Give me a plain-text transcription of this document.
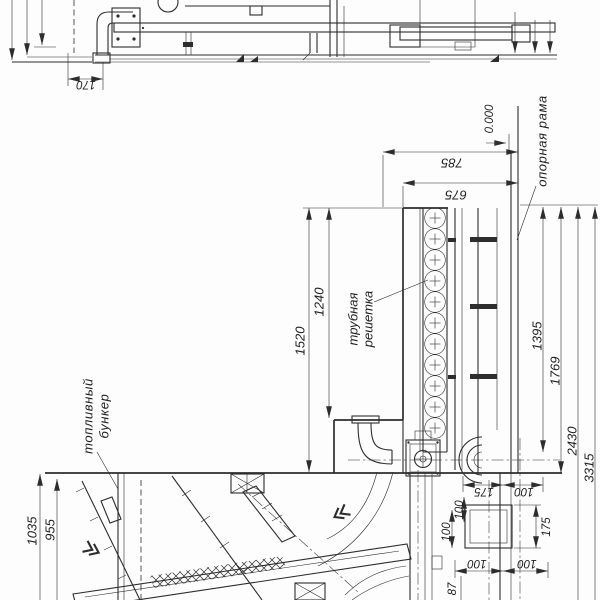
170
0.000	опорная рама
785
675
трубная решетка
1520
1240
топливный бункер
175 100
100
100
175
100	100
87
1395
1769
2430
3315
1035 955
